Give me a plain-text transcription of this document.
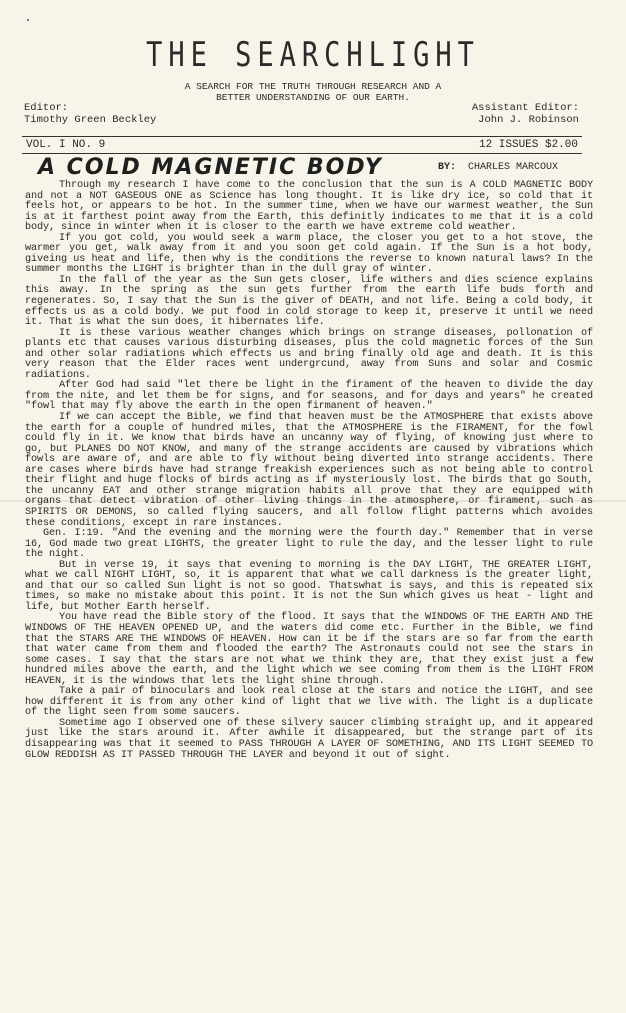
THE SEARCHLIGHT
A SEARCH FOR THE TRUTH THROUGH RESEARCH AND A
BETTER UNDERSTANDING OF OUR EARTH.
Editor:
Timothy Green Beckley
Assistant Editor:
John J. Robinson
VOL. I NO. 9	12 ISSUES $2.00
A COLD MAGNETIC BODY	BY: CHARLES MARCOUX

Through my research I have come to the conclusion that the sun is A COLD MAGNETIC BODY and not a NOT GASEOUS ONE as Science has long thought. It is like dry ice, so cold that it feels hot, or appears to be hot. In the summer time, when we have our warmest weather, the Sun is at it farthest point away from the Earth, this definitly indicates to me that it is a cold body, since in winter when it is closer to the earth we have extreme cold weather.

If you got cold, you would seek a warm place, the closer you get to a hot stove, the warmer you get, walk away from it and you soon get cold again. If the Sun is a hot body, giveing us heat and life, then why is the conditions the reverse to known natural laws? In the summer months the LIGHT is brighter than in the dull gray of winter.

In the fall of the year as the Sun gets closer, life withers and dies science explains this away. In the spring as the sun gets further from the earth life buds forth and regenerates. So, I say that the Sun is the giver of DEATH, and not life. Being a cold body, it effects us as a cold body. We put food in cold storage to keep it, preserve it until we need it. That is what the sun does, it hibernates life.

It is these various weather changes which brings on strange diseases, pollonation of plants etc that causes various disturbing diseases, plus the cold magnetic forces of the Sun and other solar radiations which effects us and bring finally old age and death. It is this very reason that the Elder races went undergrcund, away from Suns and solar and Cosmic radiations.

After God had said "let there be light in the firament of the heaven to divide the day from the nite, and let them be for signs, and for seasons, and for days and years" he created "fowl that may fly above the earth in the open firmanent of heaven."

If we can accept the Bible, we find that heaven must be the ATMOSPHERE that exists above the earth for a couple of hundred miles, that the ATMOSPHERE is the FIRAMENT, for the fowl could fly in it. We know that birds have an uncanny way of flying, of knowing just where to go, but PLANES DO NOT KNOW, and many of the strange accidents are caused by vibrations which fowls are aware of, and are able to fly without being diverted into strange accidents. There are cases where birds have had strange freakish experiences such as not being able to control their flight and huge flocks of birds acting as if mysteriously lost. The birds that go South, the uncanny EAT and other strange migration habits all prove that they are equipped with organs that detect vibration of other living things in the atmosphere, or firament, such as SPIRITS OR DEMONS, so called flying saucers, and all follow flight patterns which avoides these conditions, except in rare instances.

Gen. I:19. "And the evening and the morning were the fourth day." Remember that in verse 16, God made two great LIGHTS, the greater light to rule the day, and the lesser light to rule the night.

But in verse 19, it says that evening to morning is the DAY LIGHT, THE GREATER LIGHT, what we call NIGHT LIGHT, so, it is apparent that what we call darkness is the greater light, and that our so called Sun light is not so good. Thatswhat is says, and this is repeated six times, so make no mistake about this point. It is not the Sun which gives us heat - light and life, but Mother Earth herself.

You have read the Bible story of the flood. It says that the WINDOWS OF THE EARTH AND THE WINDOWS OF THE HEAVEN OPENED UP, and the waters did come etc. Further in the Bible, we find that the STARS ARE THE WINDOWS OF HEAVEN. How can it be if the stars are so far from the earth that water came from them and flooded the earth? The Astronauts could not see the stars in some cases. I say that the stars are not what we think they are, that they exist just a few hundred miles above the earth, and the light which we see coming from them is the LIGHT FROM HEAVEN, it is the windows that lets the light shine through.

Take a pair of binoculars and look real close at the stars and notice the LIGHT, and see how different it is from any other kind of light that we live with. The light is a duplicate of the light seen from some saucers.

Sometime ago I observed one of these silvery saucer climbing straight up, and it appeared just like the stars around it. After awhile it disappeared, but the strange part of its disappearing was that it seemed to PASS THROUGH A LAYER OF SOMETHING, AND ITS LIGHT SEEMED TO GLOW REDDISH AS IT PASSED THROUGH THE LAYER and beyond it out of sight.
